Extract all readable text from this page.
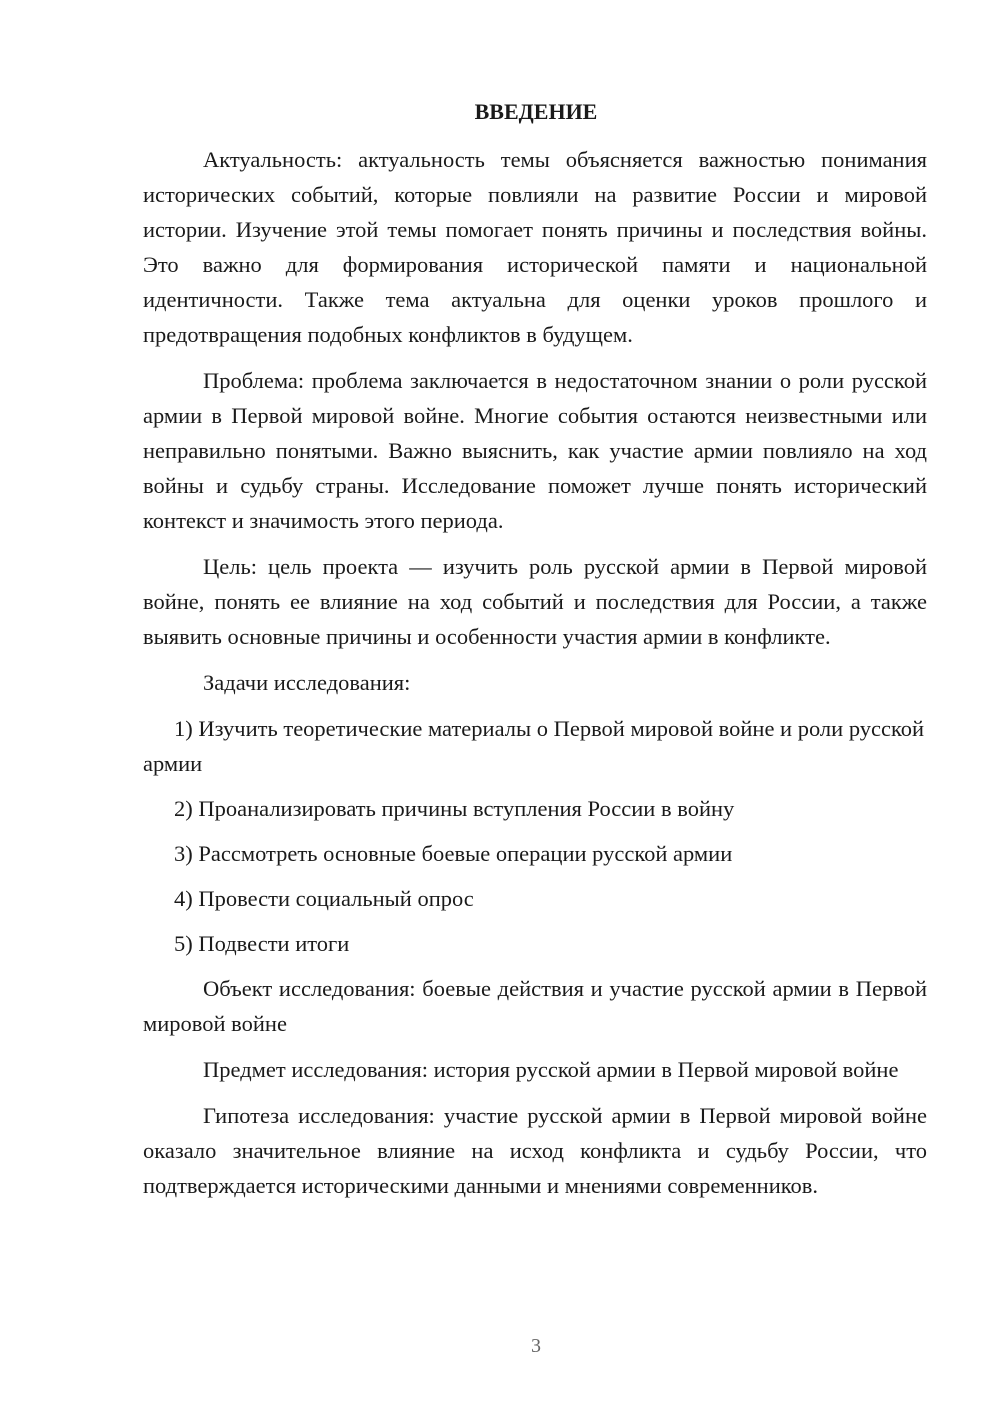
ВВЕДЕНИЕ

Актуальность: актуальность темы объясняется важностью понимания исторических событий, которые повлияли на развитие России и мировой истории. Изучение этой темы помогает понять причины и последствия войны. Это важно для формирования исторической памяти и национальной идентичности. Также тема актуальна для оценки уроков прошлого и предотвращения подобных конфликтов в будущем.

Проблема: проблема заключается в недостаточном знании о роли русской армии в Первой мировой войне. Многие события остаются неизвестными или неправильно понятыми. Важно выяснить, как участие армии повлияло на ход войны и судьбу страны. Исследование поможет лучше понять исторический контекст и значимость этого периода.

Цель: цель проекта — изучить роль русской армии в Первой мировой войне, понять ее влияние на ход событий и последствия для России, а также выявить основные причины и особенности участия армии в конфликте.

Задачи исследования:

1) Изучить теоретические материалы о Первой мировой войне и роли русской армии

2) Проанализировать причины вступления России в войну

3) Рассмотреть основные боевые операции русской армии

4) Провести социальный опрос

5) Подвести итоги

Объект исследования: боевые действия и участие русской армии в Первой мировой войне

Предмет исследования: история русской армии в Первой мировой войне

Гипотеза исследования: участие русской армии в Первой мировой войне оказало значительное влияние на исход конфликта и судьбу России, что подтверждается историческими данными и мнениями современников.

3
